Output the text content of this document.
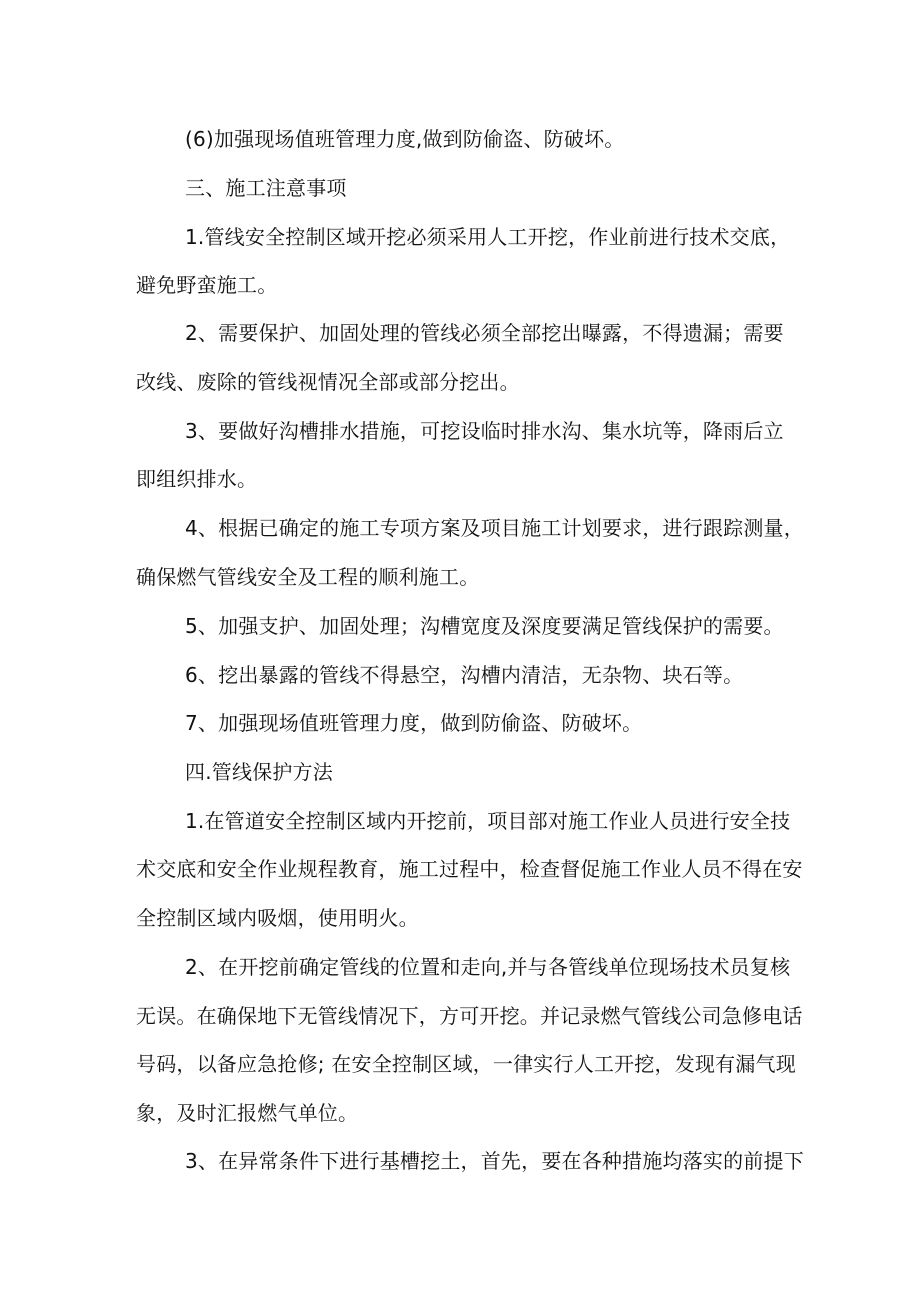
(6)加强现场值班管理力度,做到防偷盗、防破坏。
三、施工注意事项
1.管线安全控制区域开挖必须采用人工开挖，作业前进行技术交底，
避免野蛮施工。
2、需要保护、加固处理的管线必须全部挖出曝露，不得遗漏；需要
改线、废除的管线视情况全部或部分挖出。
3、要做好沟槽排水措施，可挖设临时排水沟、集水坑等，降雨后立
即组织排水。
4、根据已确定的施工专项方案及项目施工计划要求，进行跟踪测量，
确保燃气管线安全及工程的顺利施工。
5、加强支护、加固处理；沟槽宽度及深度要满足管线保护的需要。
6、挖出暴露的管线不得悬空，沟槽内清洁，无杂物、块石等。
7、加强现场值班管理力度，做到防偷盗、防破坏。
四.管线保护方法
1.在管道安全控制区域内开挖前，项目部对施工作业人员进行安全技
术交底和安全作业规程教育，施工过程中，检查督促施工作业人员不得在安
全控制区域内吸烟，使用明火。
2、在开挖前确定管线的位置和走向,并与各管线单位现场技术员复核
无误。在确保地下无管线情况下，方可开挖。并记录燃气管线公司急修电话
号码，以备应急抢修; 在安全控制区域，一律实行人工开挖，发现有漏气现
象，及时汇报燃气单位。
3、在异常条件下进行基槽挖土，首先，要在各种措施均落实的前提下
